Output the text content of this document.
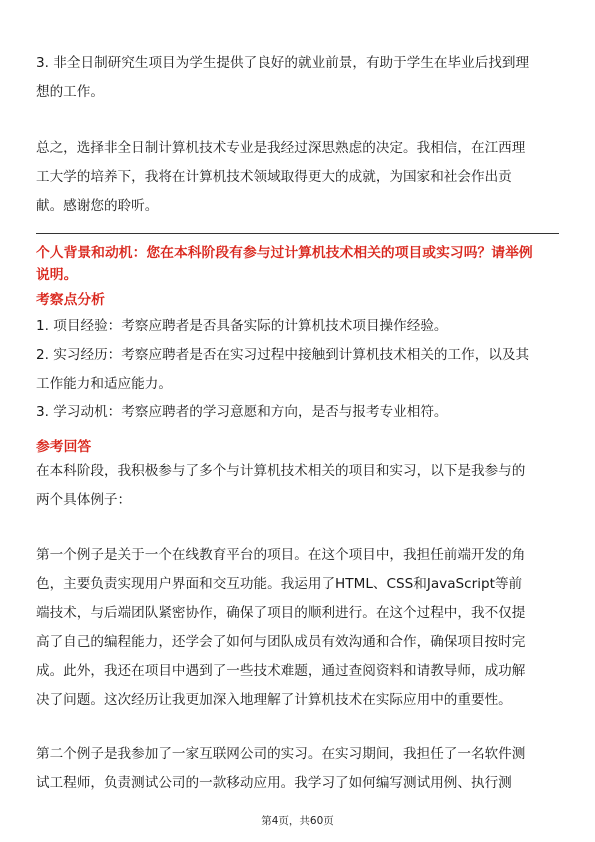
3. 非全日制研究生项目为学生提供了良好的就业前景，有助于学生在毕业后找到理
想的工作。
总之，选择非全日制计算机技术专业是我经过深思熟虑的决定。我相信，在江西理
工大学的培养下，我将在计算机技术领域取得更大的成就，为国家和社会作出贡
献。感谢您的聆听。
个人背景和动机：您在本科阶段有参与过计算机技术相关的项目或实习吗？请举例
说明。
考察点分析
1. 项目经验：考察应聘者是否具备实际的计算机技术项目操作经验。
2. 实习经历：考察应聘者是否在实习过程中接触到计算机技术相关的工作，以及其
工作能力和适应能力。
3. 学习动机：考察应聘者的学习意愿和方向，是否与报考专业相符。
参考回答
在本科阶段，我积极参与了多个与计算机技术相关的项目和实习，以下是我参与的
两个具体例子：
第一个例子是关于一个在线教育平台的项目。在这个项目中，我担任前端开发的角
色，主要负责实现用户界面和交互功能。我运用了HTML、CSS和JavaScript等前
端技术，与后端团队紧密协作，确保了项目的顺利进行。在这个过程中，我不仅提
高了自己的编程能力，还学会了如何与团队成员有效沟通和合作，确保项目按时完
成。此外，我还在项目中遇到了一些技术难题，通过查阅资料和请教导师，成功解
决了问题。这次经历让我更加深入地理解了计算机技术在实际应用中的重要性。
第二个例子是我参加了一家互联网公司的实习。在实习期间，我担任了一名软件测
试工程师，负责测试公司的一款移动应用。我学习了如何编写测试用例、执行测
第4页，共60页
